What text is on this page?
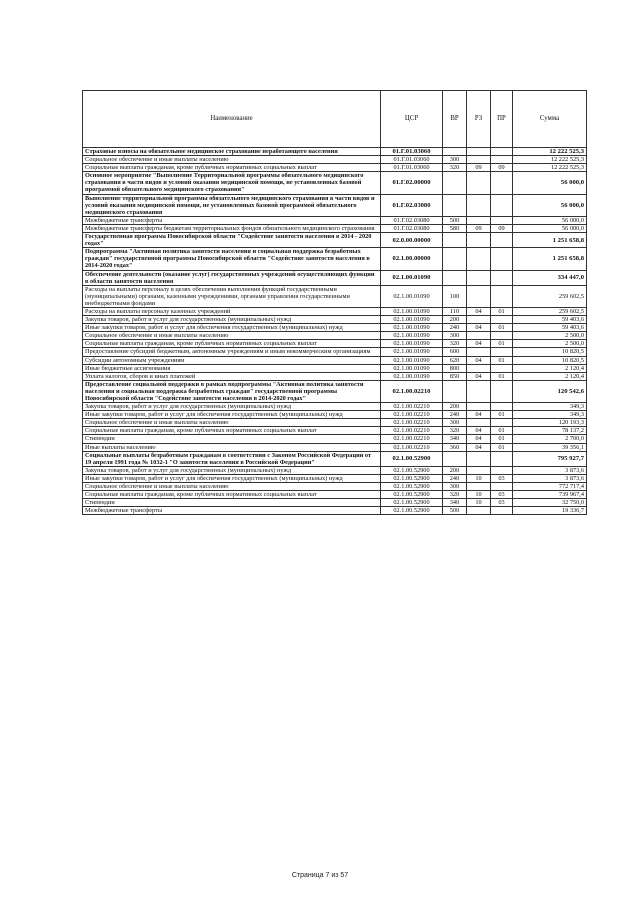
Наименование	ЦСР	ВР	РЗ	ПР	Сумма
Страховые взносы на обязательное медицинское страхование неработающего населения	01.Г.01.03060				12 222 525,3
Социальное обеспечение и иные выплаты населению	01.Г.01.03060	300			12 222 525,3
Социальные выплаты гражданам, кроме публичных нормативных социальных выплат	01.Г.01.03060	320	09	09	12 222 525,3
Основное мероприятие "Выполнение Территориальной программы обязательного медицинского страхования в части видов и условий оказания медицинской помощи, не установленных базовой программой обязательного медицинского страхования"	01.Г.02.00000				56 000,0
Выполнение территориальной программы обязательного медицинского страхования в части видов и условий оказания медицинской помощи, не установленных базовой программой обязательного медицинского страхования	01.Г.02.03080				56 000,0
Межбюджетные трансферты	01.Г.02.03080	500			56 000,0
Межбюджетные трансферты бюджетам территориальных фондов обязательного медицинского страхования	01.Г.02.03080	580	09	09	56 000,0
Государственная программа Новосибирской области "Содействие занятости населения в 2014 - 2020 годах"	02.0.00.00000				1 251 658,8
Подпрограмма "Активная политика занятости населения и социальная поддержка безработных граждан" государственной программы Новосибирской области "Содействие занятости населения в 2014-2020 годах"	02.1.00.00000				1 251 658,8
Обеспечение деятельности (оказание услуг) государственных учреждений осуществляющих функции в области занятости населения	02.1.00.01090				334 447,0
Расходы на выплаты персоналу в целях обеспечения выполнения функций государственными (муниципальными) органами, казенными учреждениями, органами управления государственными внебюджетными фондами	02.1.00.01090	100			259 602,5
Расходы на выплаты персоналу казенных учреждений	02.1.00.01090	110	04	01	259 602,5
Закупка товаров, работ и услуг для государственных (муниципальных) нужд	02.1.00.01090	200			59 403,6
Иные закупки товаров, работ и услуг для обеспечения государственных (муниципальных) нужд	02.1.00.01090	240	04	01	59 403,6
Социальное обеспечение и иные выплаты населению	02.1.00.01090	300			2 500,0
Социальные выплаты гражданам, кроме публичных нормативных социальных выплат	02.1.00.01090	320	04	01	2 500,0
Предоставление субсидий бюджетным, автономным учреждениям и иным некоммерческим организациям	02.1.00.01090	600			10 820,5
Субсидии автономным учреждениям	02.1.00.01090	620	04	01	10 820,5
Иные бюджетные ассигнования	02.1.00.01090	800			2 120,4
Уплата налогов, сборов и иных платежей	02.1.00.01090	850	04	01	2 120,4
Предоставление социальной поддержки в рамках подпрограммы "Активная политика занятости населения и социальная поддержка безработных граждан" государственной программы Новосибирской области "Содействие занятости населения в 2014-2020 годах"	02.1.00.02210				120 542,6
Закупка товаров, работ и услуг для государственных (муниципальных) нужд	02.1.00.02210	200			349,3
Иные закупки товаров, работ и услуг для обеспечения государственных (муниципальных) нужд	02.1.00.02210	240	04	01	349,3
Социальное обеспечение и иные выплаты населению	02.1.00.02210	300			120 193,3
Социальные выплаты гражданам, кроме публичных нормативных социальных выплат	02.1.00.02210	320	04	01	78 137,2
Стипендии	02.1.00.02210	340	04	01	2 700,0
Иные выплаты населению	02.1.00.02210	360	04	01	39 356,1
Социальные выплаты безработным гражданам в соответствии с Законом Российской Федерации от 19 апреля 1991 года № 1032-1 "О занятости населения в Российской Федерации"	02.1.00.52900				795 927,7
Закупка товаров, работ и услуг для государственных (муниципальных) нужд	02.1.00.52900	200			3 873,6
Иные закупки товаров, работ и услуг для обеспечения государственных (муниципальных) нужд	02.1.00.52900	240	10	03	3 873,6
Социальное обеспечение и иные выплаты населению	02.1.00.52900	300			772 717,4
Социальные выплаты гражданам, кроме публичных нормативных социальных выплат	02.1.00.52900	320	10	03	739 967,4
Стипендии	02.1.00.52900	340	10	03	32 750,0
Межбюджетные трансферты	02.1.00.52900	500			19 336,7
Страница 7 из 57
